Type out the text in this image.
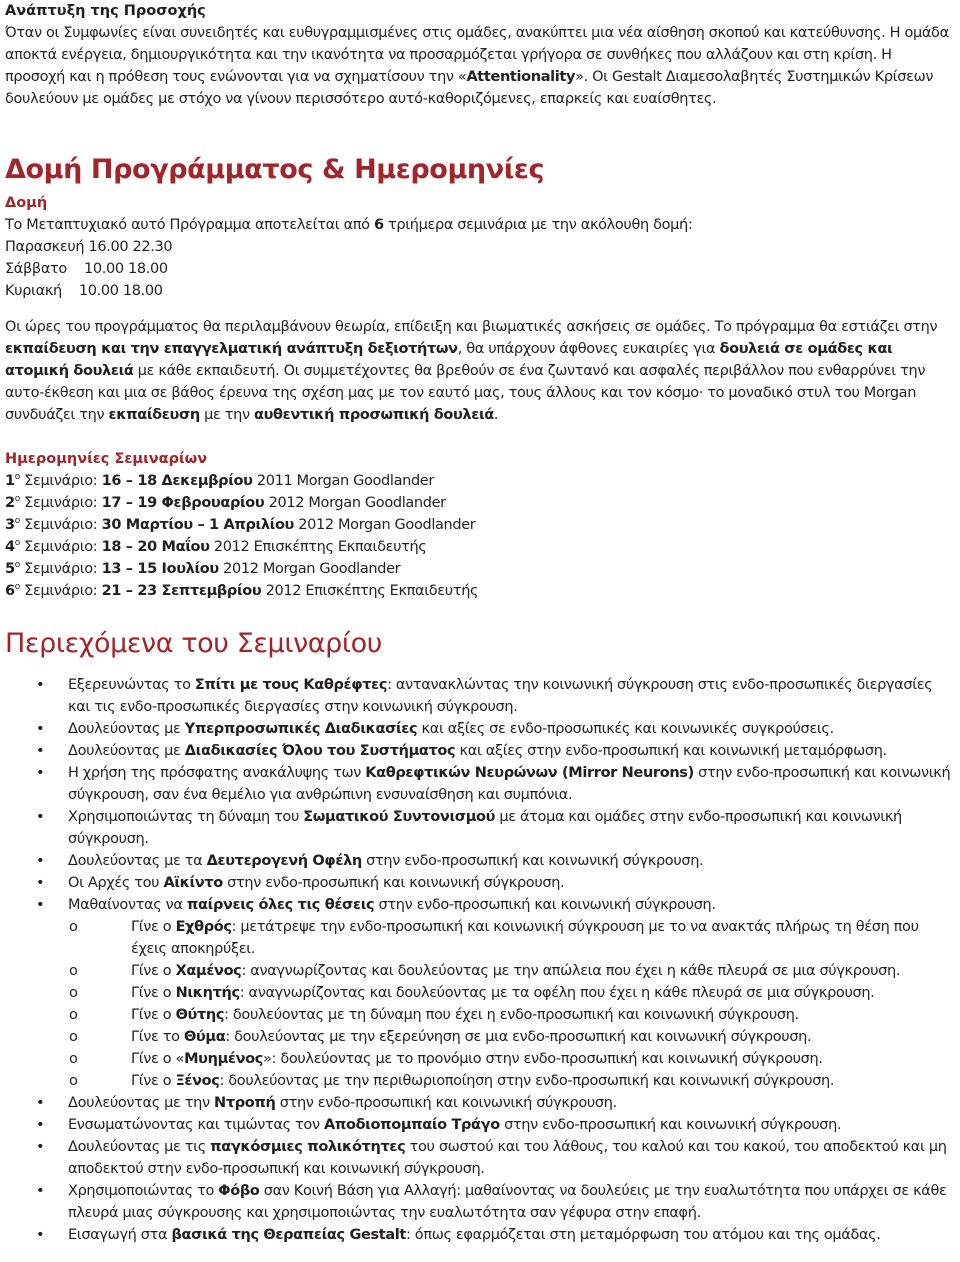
Ανάπτυξη της Προσοχής

Όταν οι Συμφωνίες είναι συνειδητές και ευθυγραμμισμένες στις ομάδες, ανακύπτει μια νέα αίσθηση σκοπού και κατεύθυνσης. Η ομάδα αποκτά ενέργεια, δημιουργικότητα και την ικανότητα να προσαρμόζεται γρήγορα σε συνθήκες που αλλάζουν και στη κρίση. Η προσοχή και η πρόθεση τους ενώνονται για να σχηματίσουν την «Attentionality». Οι Gestalt Διαμεσολαβητές Συστημικών Κρίσεων δουλεύουν με ομάδες με στόχο να γίνουν περισσότερο αυτό-καθοριζόμενες, επαρκείς και ευαίσθητες.

Δομή Προγράμματος & Ημερομηνίες

Δομή

Το Μεταπτυχιακό αυτό Πρόγραμμα αποτελείται από 6 τριήμερα σεμινάρια με την ακόλουθη δομή:

Παρασκευή 16.00 22.30

Σάββατο 10.00 18.00

Κυριακή 10.00 18.00

Οι ώρες του προγράμματος θα περιλαμβάνουν θεωρία, επίδειξη και βιωματικές ασκήσεις σε ομάδες. Το πρόγραμμα θα εστιάζει στην εκπαίδευση και την επαγγελματική ανάπτυξη δεξιοτήτων, θα υπάρχουν άφθονες ευκαιρίες για δουλειά σε ομάδες και ατομική δουλειά με κάθε εκπαιδευτή. Οι συμμετέχοντες θα βρεθούν σε ένα ζωντανό και ασφαλές περιβάλλον που ενθαρρύνει την αυτο-έκθεση και μια σε βάθος έρευνα της σχέση μας με τον εαυτό μας, τους άλλους και τον κόσμο· το μοναδικό στυλ του Morgan συνδυάζει την εκπαίδευση με την αυθεντική προσωπική δουλειά.

Ημερομηνίες Σεμιναρίων

$1^o$ Σεμινάριο: 16 – 18 Δεκεμβρίου 2011 Morgan Goodlander

$2^o$ Σεμινάριο: 17 – 19 Φεβρουαρίου 2012 Morgan Goodlander

$3^o$ Σεμινάριο: 30 Μαρτίου – 1 Απριλίου 2012 Morgan Goodlander

$4^o$ Σεμινάριο: 18 – 20 Μαΐου 2012 Επισκέπτης Εκπαιδευτής

$5^o$ Σεμινάριο: 13 – 15 Ιουλίου 2012 Morgan Goodlander

$6^o$ Σεμινάριο: 21 – 23 Σεπτεμβρίου 2012 Επισκέπτης Εκπαιδευτής

Περιεχόμενα του Σεμιναρίου

• Εξερευνώντας το Σπίτι με τους Καθρέφτες: αντανακλώντας την κοινωνική σύγκρουση στις ενδο-προσωπικές διεργασίες και τις ενδο-προσωπικές διεργασίες στην κοινωνική σύγκρουση.
• Δουλεύοντας με Υπερπροσωπικές Διαδικασίες και αξίες σε ενδο-προσωπικές και κοινωνικές συγκρούσεις.
• Δουλεύοντας με Διαδικασίες Όλου του Συστήματος και αξίες στην ενδο-προσωπική και κοινωνική μεταμόρφωση.
• Η χρήση της πρόσφατης ανακάλυψης των Καθρεφτικών Νευρώνων (Mirror Neurons) στην ενδο-προσωπική και κοινωνική σύγκρουση, σαν ένα θεμέλιο για ανθρώπινη ενσυναίσθηση και συμπόνια.
• Χρησιμοποιώντας τη δύναμη του Σωματικού Συντονισμού με άτομα και ομάδες στην ενδο-προσωπική και κοινωνική σύγκρουση.
• Δουλεύοντας με τα Δευτερογενή Οφέλη στην ενδο-προσωπική και κοινωνική σύγκρουση.
• Οι Αρχές του Αϊκίντο στην ενδο-προσωπική και κοινωνική σύγκρουση.
• Μαθαίνοντας να παίρνεις όλες τις θέσεις στην ενδο-προσωπική και κοινωνική σύγκρουση.
o	Γίνε ο Εχθρός: μετάτρεψε την ενδο-προσωπική και κοινωνική σύγκρουση με το να ανακτάς πλήρως τη θέση που έχεις αποκηρύξει.
o	Γίνε ο Χαμένος: αναγνωρίζοντας και δουλεύοντας με την απώλεια που έχει η κάθε πλευρά σε μια σύγκρουση.
o	Γίνε ο Νικητής: αναγνωρίζοντας και δουλεύοντας με τα οφέλη που έχει η κάθε πλευρά σε μια σύγκρουση.
o	Γίνε ο Θύτης: δουλεύοντας με τη δύναμη που έχει η ενδο-προσωπική και κοινωνική σύγκρουση.
o	Γίνε το Θύμα: δουλεύοντας με την εξερεύνηση σε μια ενδο-προσωπική και κοινωνική σύγκρουση.
o	Γίνε ο «Μυημένος»: δουλεύοντας με το προνόμιο στην ενδο-προσωπική και κοινωνική σύγκρουση.
o	Γίνε ο Ξένος: δουλεύοντας με την περιθωριοποίηση στην ενδο-προσωπική και κοινωνική σύγκρουση.
• Δουλεύοντας με την Ντροπή στην ενδο-προσωπική και κοινωνική σύγκρουση.
• Ενσωματώνοντας και τιμώντας τον Αποδιοπομπαίο Τράγο στην ενδο-προσωπική και κοινωνική σύγκρουση.
• Δουλεύοντας με τις παγκόσμιες πολικότητες του σωστού και του λάθους, του καλού και του κακού, του αποδεκτού και μη αποδεκτού στην ενδο-προσωπική και κοινωνική σύγκρουση.
• Χρησιμοποιώντας το Φόβο σαν Κοινή Βάση για Αλλαγή: μαθαίνοντας να δουλεύεις με την ευαλωτότητα που υπάρχει σε κάθε πλευρά μιας σύγκρουσης και χρησιμοποιώντας την ευαλωτότητα σαν γέφυρα στην επαφή.
• Εισαγωγή στα βασικά της Θεραπείας Gestalt: όπως εφαρμόζεται στη μεταμόρφωση του ατόμου και της ομάδας.
